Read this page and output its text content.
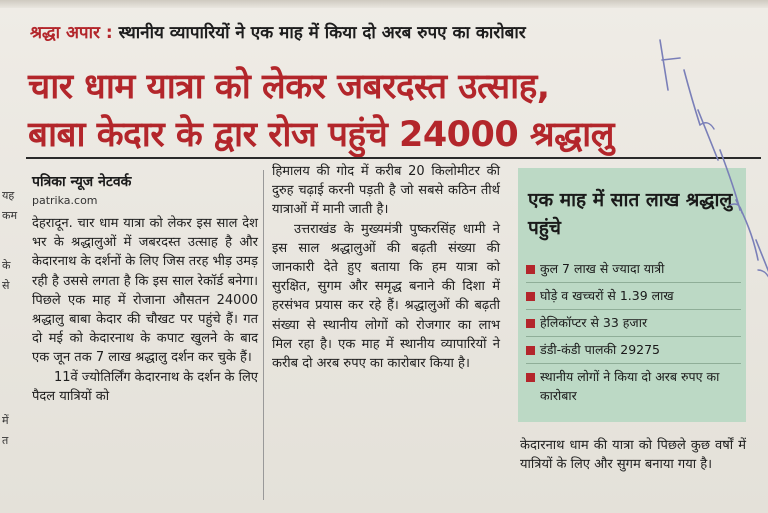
श्रद्धा अपार : स्थानीय व्यापारियों ने एक माह में किया दो अरब रुपए का कारोबार
चार धाम यात्रा को लेकर जबरदस्त उत्साह,
बाबा केदार के द्वार रोज पहुंचे 24000 श्रद्धालु
यह
कम
के
से
में
त
पत्रिका न्यूज नेटवर्क
patrika.com

देहरादून. चार धाम यात्रा को लेकर इस साल देश भर के श्रद्धालुओं में जबरदस्त उत्साह है और केदारनाथ के दर्शनों के लिए जिस तरह भीड़ उमड़ रही है उससे लगता है कि इस साल रेकॉर्ड बनेगा। पिछले एक माह में रोजाना औसतन 24000 श्रद्धालु बाबा केदार की चौखट पर पहुंचे हैं। गत दो मई को केदारनाथ के कपाट खुलने के बाद एक जून तक 7 लाख श्रद्धालु दर्शन कर चुके हैं।

11वें ज्योतिर्लिंग केदारनाथ के दर्शन के लिए पैदल यात्रियों को

हिमालय की गोद में करीब 20 किलोमीटर की दुरुह चढ़ाई करनी पड़ती है जो सबसे कठिन तीर्थ यात्राओं में मानी जाती है।

उत्तराखंड के मुख्यमंत्री पुष्करसिंह धामी ने इस साल श्रद्धालुओं की बढ़ती संख्या की जानकारी देते हुए बताया कि हम यात्रा को सुरक्षित, सुगम और समृद्ध बनाने की दिशा में हरसंभव प्रयास कर रहे हैं। श्रद्धालुओं की बढ़ती संख्या से स्थानीय लोगों को रोजगार का लाभ मिल रहा है। एक माह में स्थानीय व्यापारियों ने करीब दो अरब रुपए का कारोबार किया है।

एक माह में सात लाख श्रद्धालु पहुंचे
कुल 7 लाख से ज्यादा यात्री
घोड़े व खच्चरों से 1.39 लाख
हेलिकॉप्टर से 33 हजार
डंडी-कंडी पालकी 29275
स्थानीय लोगों ने किया दो अरब रुपए का कारोबार
केदारनाथ धाम की यात्रा को पिछले कुछ वर्षों में यात्रियों के लिए और सुगम बनाया गया है।
